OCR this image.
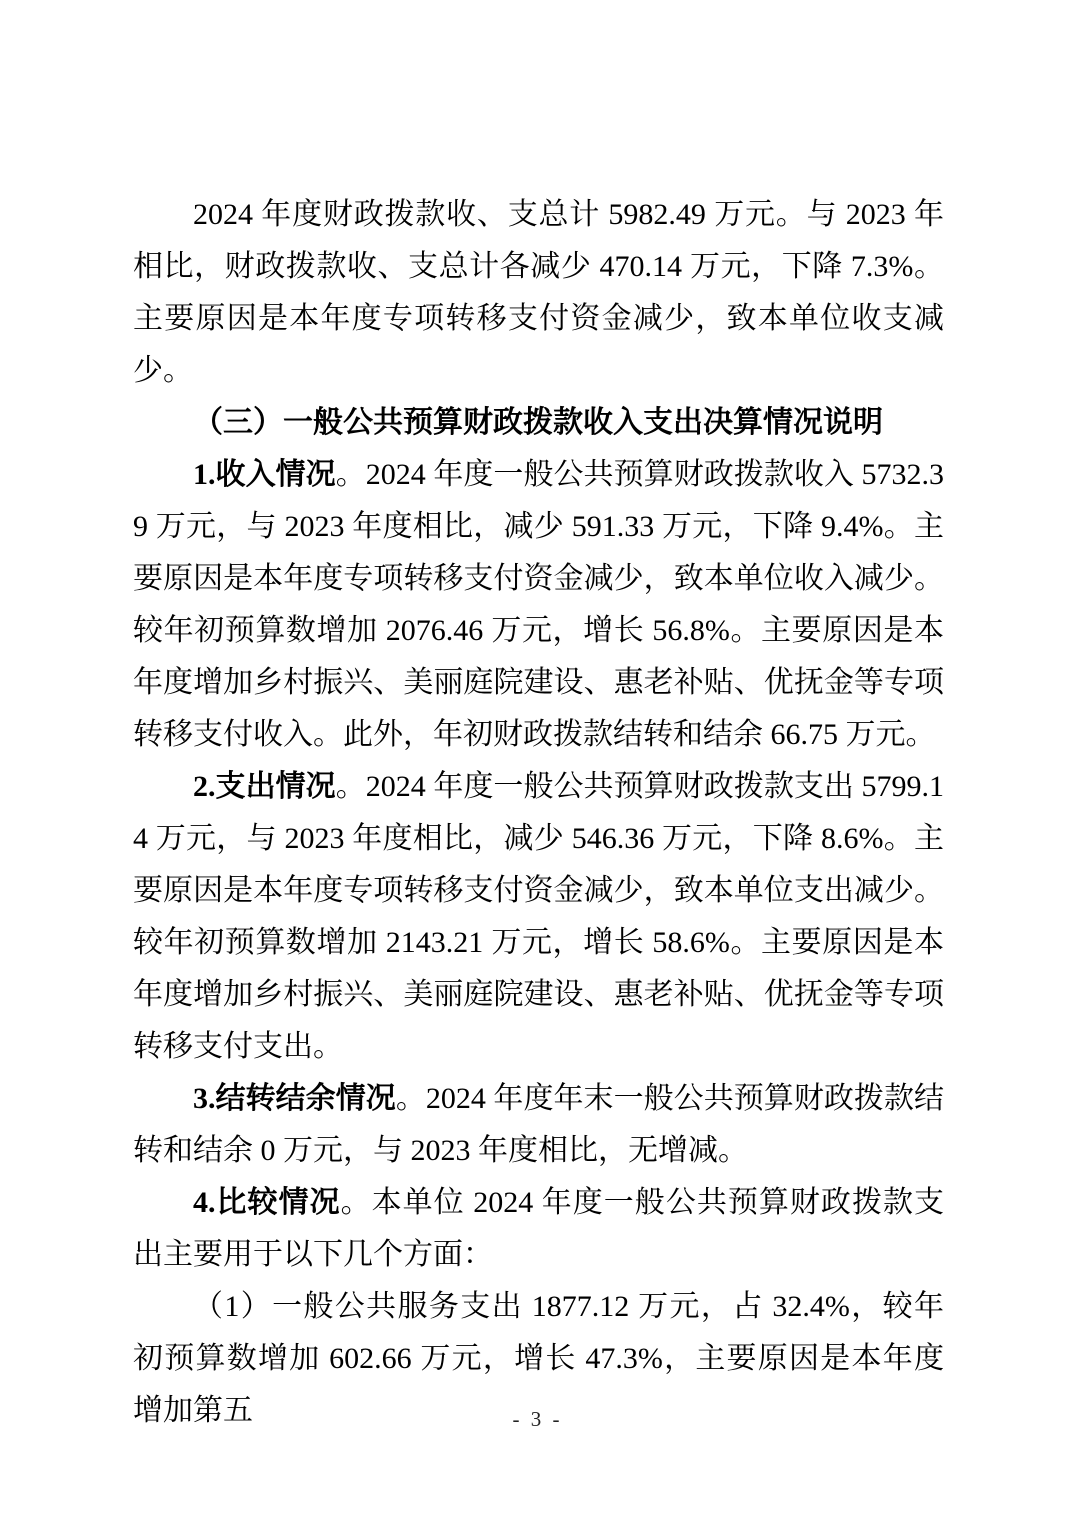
2024 年度财政拨款收、支总计 5982.49 万元。与 2023 年相比，财政拨款收、支总计各减少 470.14 万元，下降 7.3%。主要原因是本年度专项转移支付资金减少，致本单位收支减少。

（三）一般公共预算财政拨款收入支出决算情况说明

1.收入情况。2024 年度一般公共预算财政拨款收入 5732.39 万元，与 2023 年度相比，减少 591.33 万元，下降 9.4%。主要原因是本年度专项转移支付资金减少，致本单位收入减少。较年初预算数增加 2076.46 万元，增长 56.8%。主要原因是本年度增加乡村振兴、美丽庭院建设、惠老补贴、优抚金等专项转移支付收入。此外，年初财政拨款结转和结余 66.75 万元。

2.支出情况。2024 年度一般公共预算财政拨款支出 5799.14 万元，与 2023 年度相比，减少 546.36 万元，下降 8.6%。主要原因是本年度专项转移支付资金减少，致本单位支出减少。较年初预算数增加 2143.21 万元，增长 58.6%。主要原因是本年度增加乡村振兴、美丽庭院建设、惠老补贴、优抚金等专项转移支付支出。

3.结转结余情况。2024 年度年末一般公共预算财政拨款结转和结余 0 万元，与 2023 年度相比，无增减。

4.比较情况。本单位 2024 年度一般公共预算财政拨款支出主要用于以下几个方面：

（1）一般公共服务支出 1877.12 万元，占 32.4%，较年初预算数增加 602.66 万元，增长 47.3%，主要原因是本年度增加第五	- 3 -
